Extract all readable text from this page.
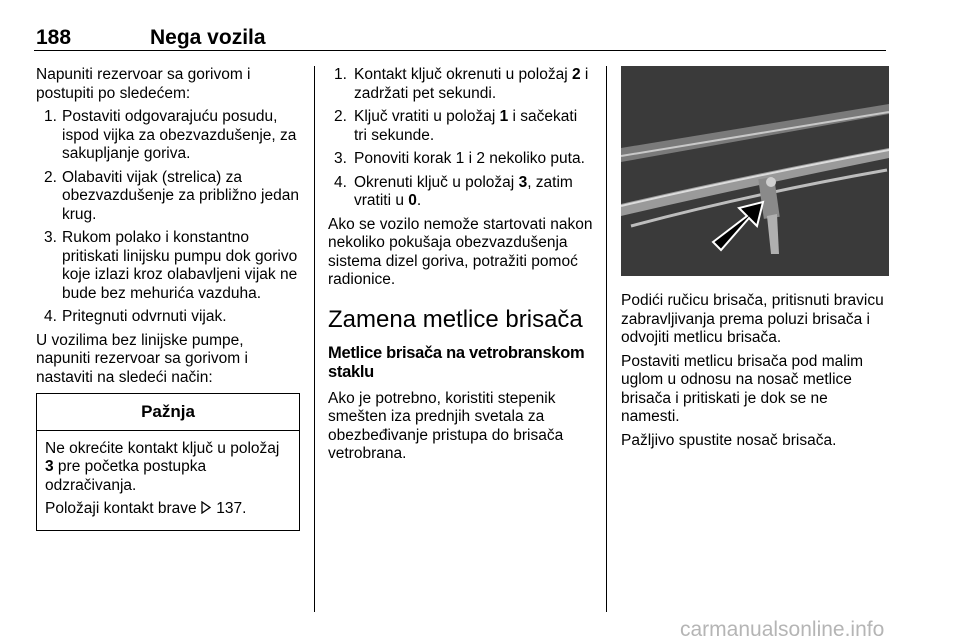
188	Nega vozila

Napuniti rezervoar sa gorivom i postupiti po sledećem:

1. Postaviti odgovarajuću posudu, ispod vijka za obezvazdušenje, za sakupljanje goriva.
2. Olabaviti vijak (strelica) za obezvazdušenje za približno jedan krug.
3. Rukom polako i konstantno pritiskati linijsku pumpu dok gorivo koje izlazi kroz olabavljeni vijak ne bude bez mehurića vazduha.
4. Pritegnuti odvrnuti vijak.

U vozilima bez linijske pumpe, napuniti rezervoar sa gorivom i nastaviti na sledeći način:

Pažnja

Ne okrećite kontakt ključ u položaj 3 pre početka postupka odzračivanja.

Položaji kontakt brave  137.

1. Kontakt ključ okrenuti u položaj 2 i zadržati pet sekundi.
2. Ključ vratiti u položaj 1 i sačekati tri sekunde.
3. Ponoviti korak 1 i 2 nekoliko puta.
4. Okrenuti ključ u položaj 3, zatim vratiti u 0.

Ako se vozilo nemože startovati nakon nekoliko pokušaja obezvazdušenja sistema dizel goriva, potražiti pomoć radionice.

Zamena metlice brisača
Metlice brisača na vetrobranskom staklu

Ako je potrebno, koristiti stepenik smešten iza prednjih svetala za obezbeđivanje pristupa do brisača vetrobrana.

Podići ručicu brisača, pritisnuti bravicu zabravljivanja prema poluzi brisača i odvojiti metlicu brisača.

Postaviti metlicu brisača pod malim uglom u odnosu na nosač metlice brisača i pritiskati je dok se ne namesti.

Pažljivo spustite nosač brisača.

carmanualsonline.info
